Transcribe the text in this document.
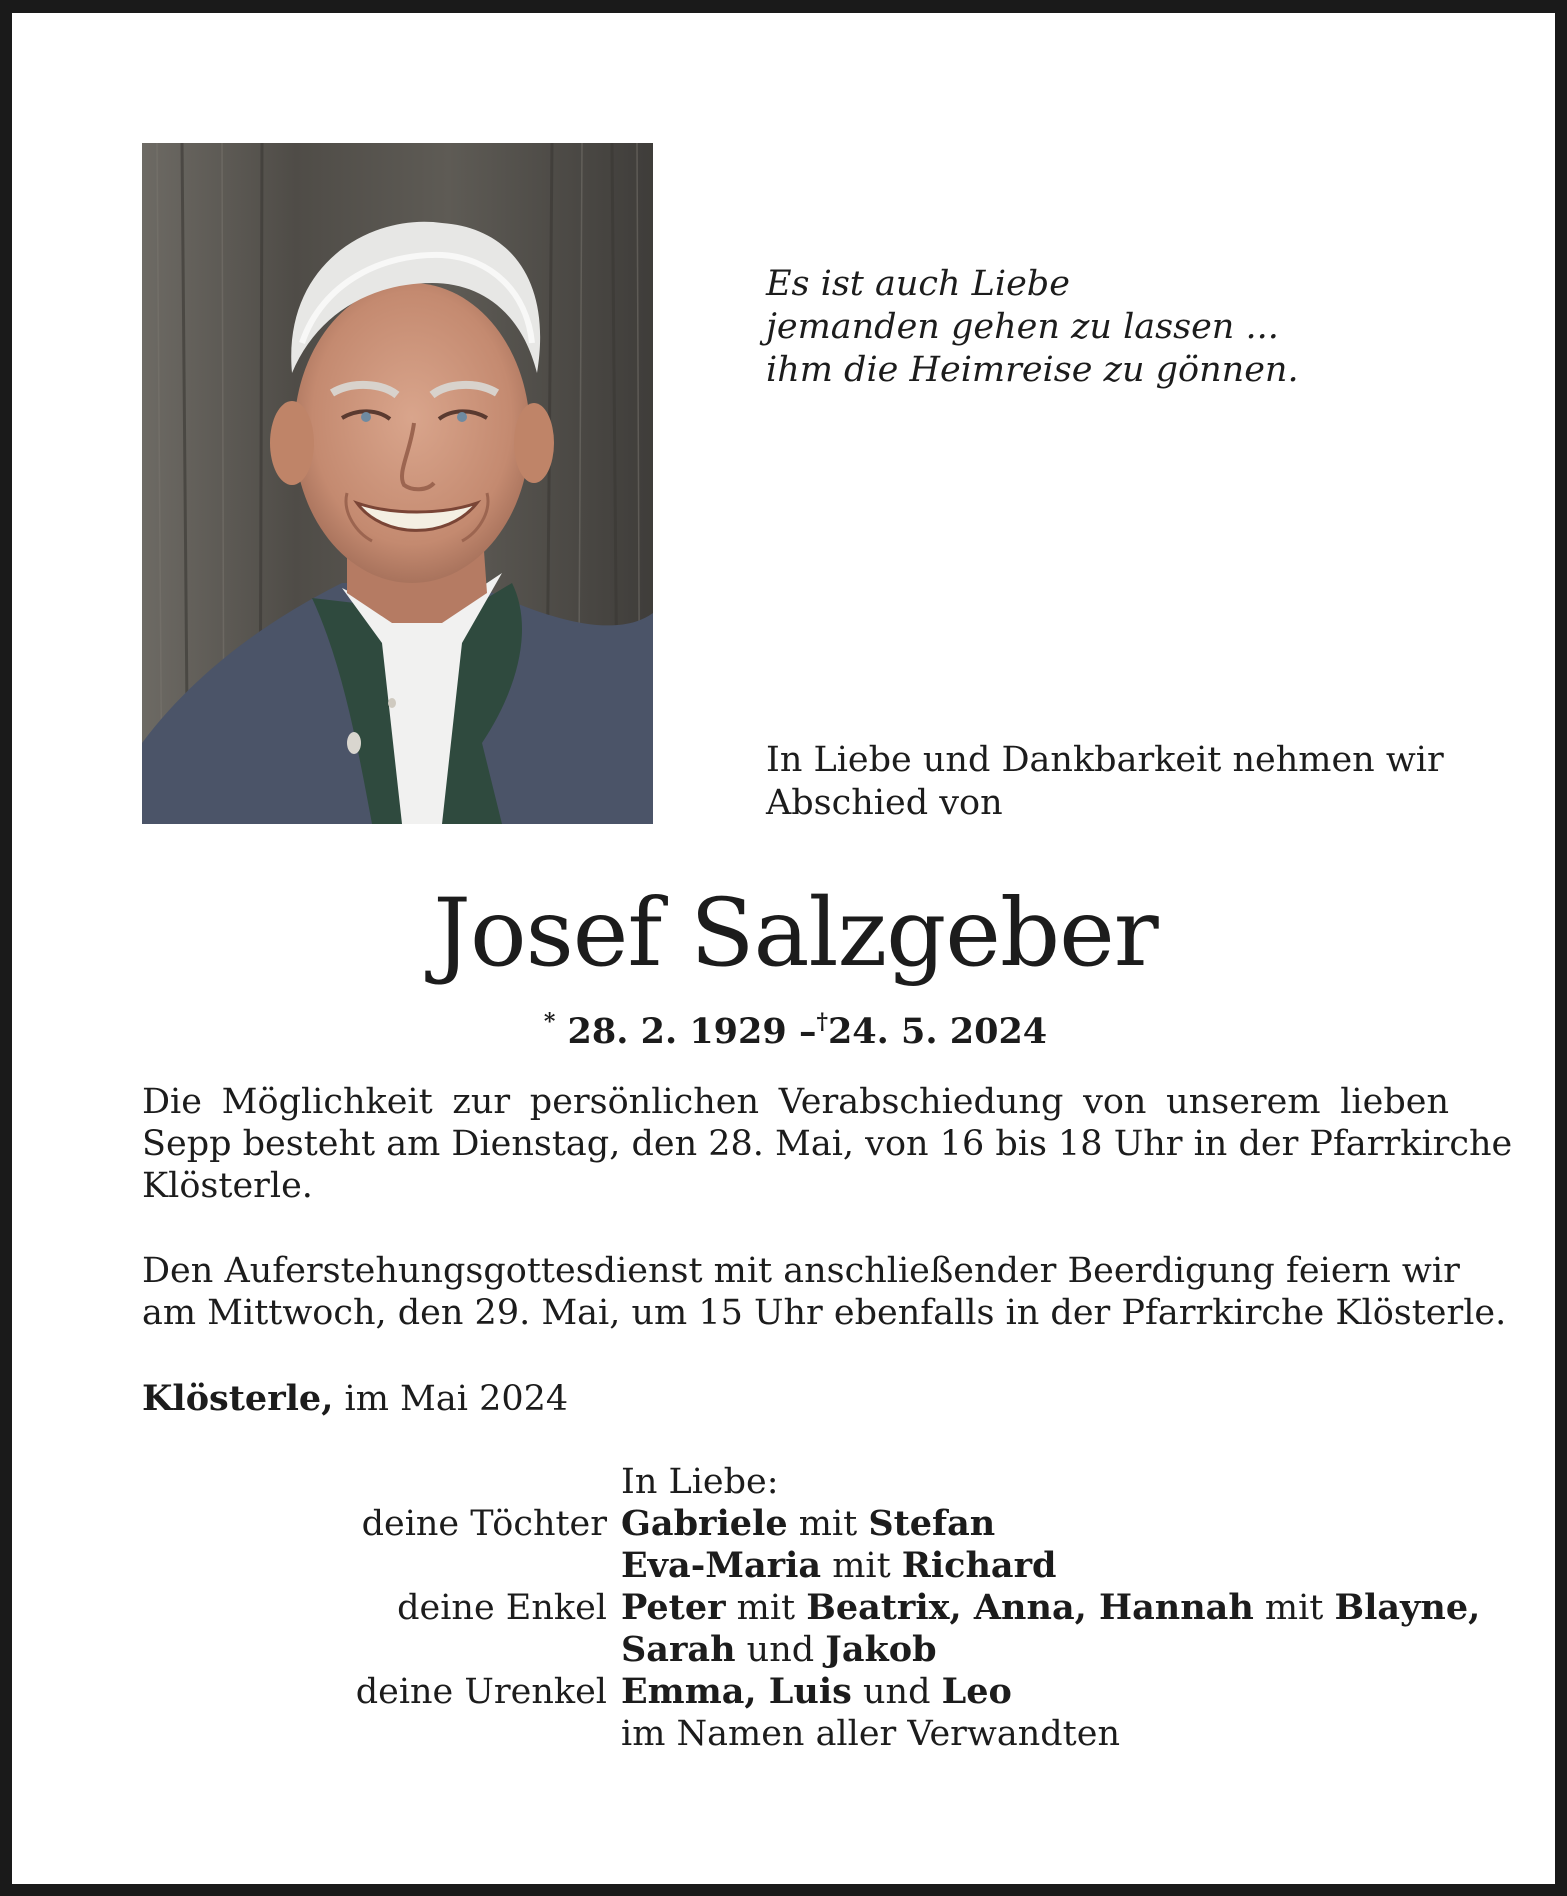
Es ist auch Liebe
jemanden gehen zu lassen ...
ihm die Heimreise zu gönnen.
In Liebe und Dankbarkeit nehmen wir
Abschied von
Josef Salzgeber
* 28. 2. 1929 –†24. 5. 2024
Die Möglichkeit zur persönlichen Verabschiedung von unserem lieben
Sepp besteht am Dienstag, den 28. Mai, von 16 bis 18 Uhr in der Pfarrkirche
Klösterle.
Den Auferstehungsgottesdienst mit anschließender Beerdigung feiern wir
am Mittwoch, den 29. Mai, um 15 Uhr ebenfalls in der Pfarrkirche Klösterle.
Klösterle, im Mai 2024
In Liebe:
deine Töchter Gabriele mit Stefan
Eva-Maria mit Richard
deine Enkel Peter mit Beatrix, Anna, Hannah mit Blayne,
Sarah und Jakob
deine Urenkel Emma, Luis und Leo
im Namen aller Verwandten
